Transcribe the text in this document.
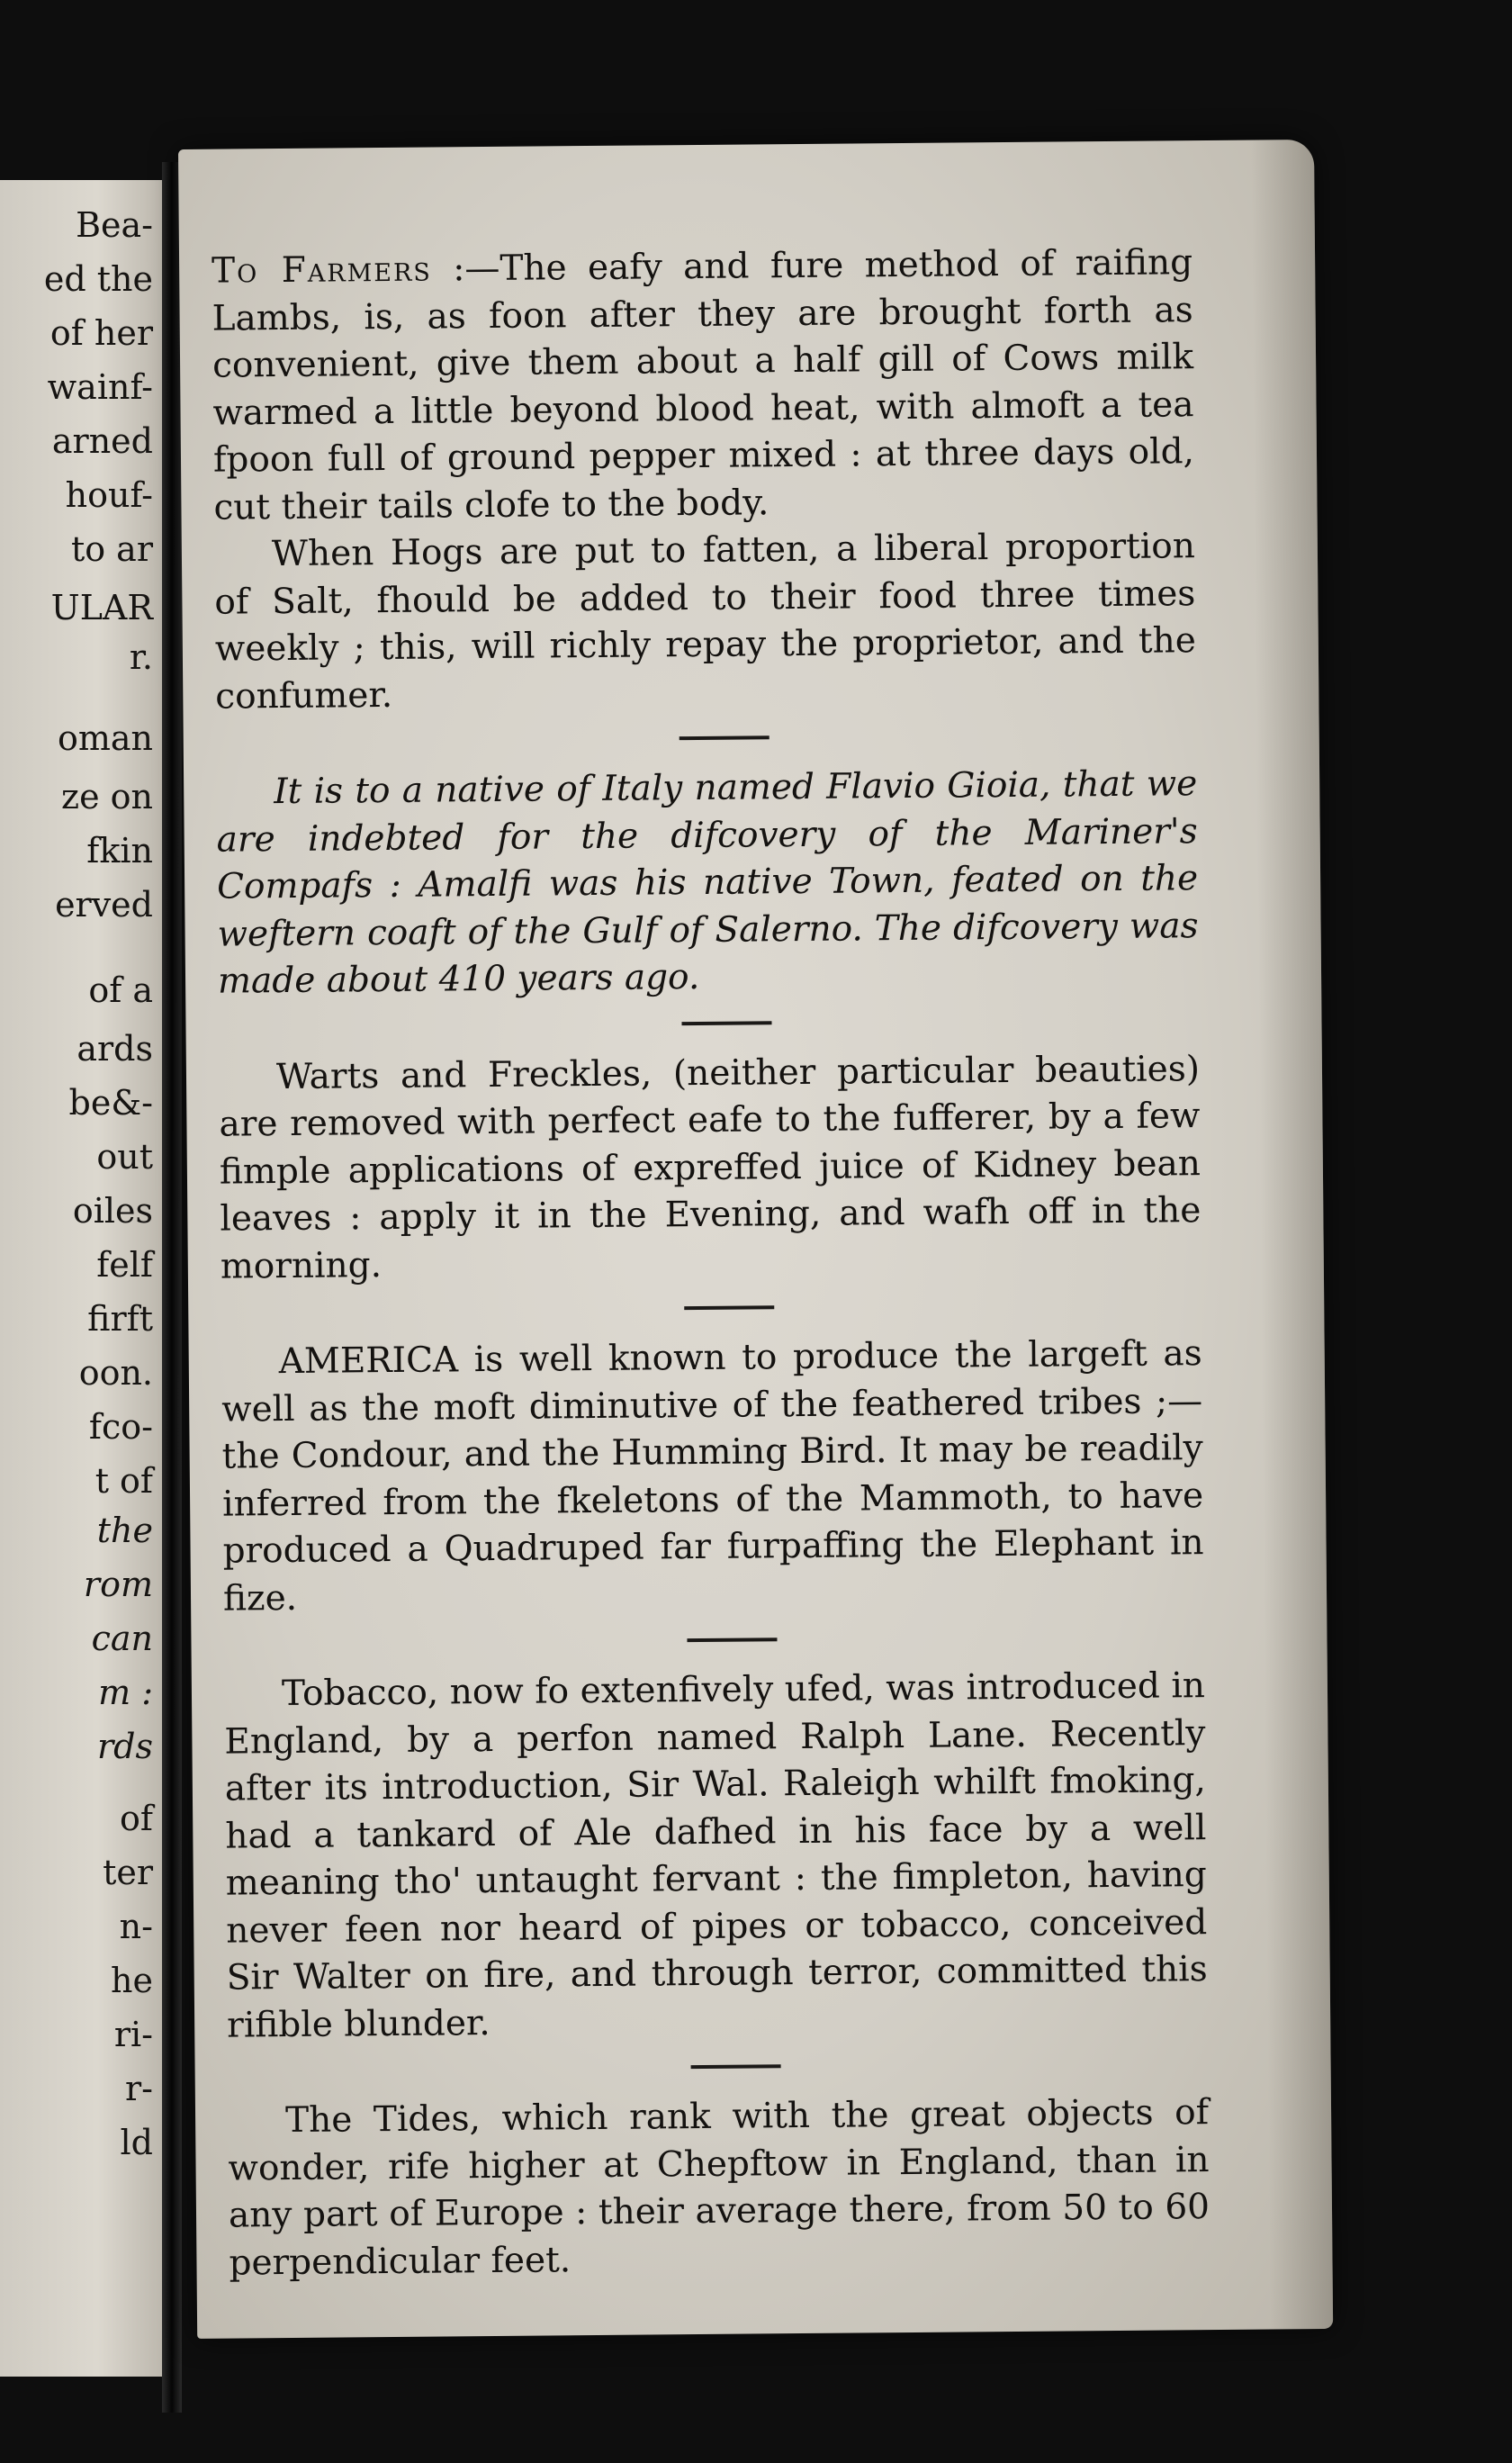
Bea-
ed the
of her
wainf-
arned
houf-
to ar
ULAR
r.
oman
ze on
fkin
erved
of a
ards
be&-
out
oiles
felf
firft
oon.
fco-
t of
the
rom
can
m :
rds
of
ter
n-
he
ri-
r-
ld

To Farmers :—The eafy and fure method of raifing Lambs, is, as foon after they are brought forth as convenient, give them about a half gill of Cows milk warmed a little beyond blood heat, with almoft a tea fpoon full of ground pepper mixed : at three days old, cut their tails clofe to the body.

When Hogs are put to fatten, a liberal proportion of Salt, fhould be added to their food three times weekly ; this, will richly repay the proprietor, and the confumer.

It is to a native of Italy named Flavio Gioia, that we are indebted for the difcovery of the Mariner's Compafs : Amalfi was his native Town, feated on the weftern coaft of the Gulf of Salerno. The difcovery was made about 410 years ago.

Warts and Freckles, (neither particular beauties) are removed with perfect eafe to the fufferer, by a few fimple applications of expreffed juice of Kidney bean leaves : apply it in the Evening, and wafh off in the morning.

AMERICA is well known to produce the largeft as well as the moft diminutive of the feathered tribes ;—the Condour, and the Humming Bird. It may be readily inferred from the fkeletons of the Mammoth, to have produced a Quadruped far furpaffing the Elephant in fize.

Tobacco, now fo extenfively ufed, was introduced in England, by a perfon named Ralph Lane. Recently after its introduction, Sir Wal. Raleigh whilft fmoking, had a tankard of Ale dafhed in his face by a well meaning tho' untaught fervant : the fimpleton, having never feen nor heard of pipes or tobacco, conceived Sir Walter on fire, and through terror, committed this rifible blunder.

The Tides, which rank with the great objects of wonder, rife higher at Chepftow in England, than in any part of Europe : their average there, from 50 to 60 perpendicular feet.
